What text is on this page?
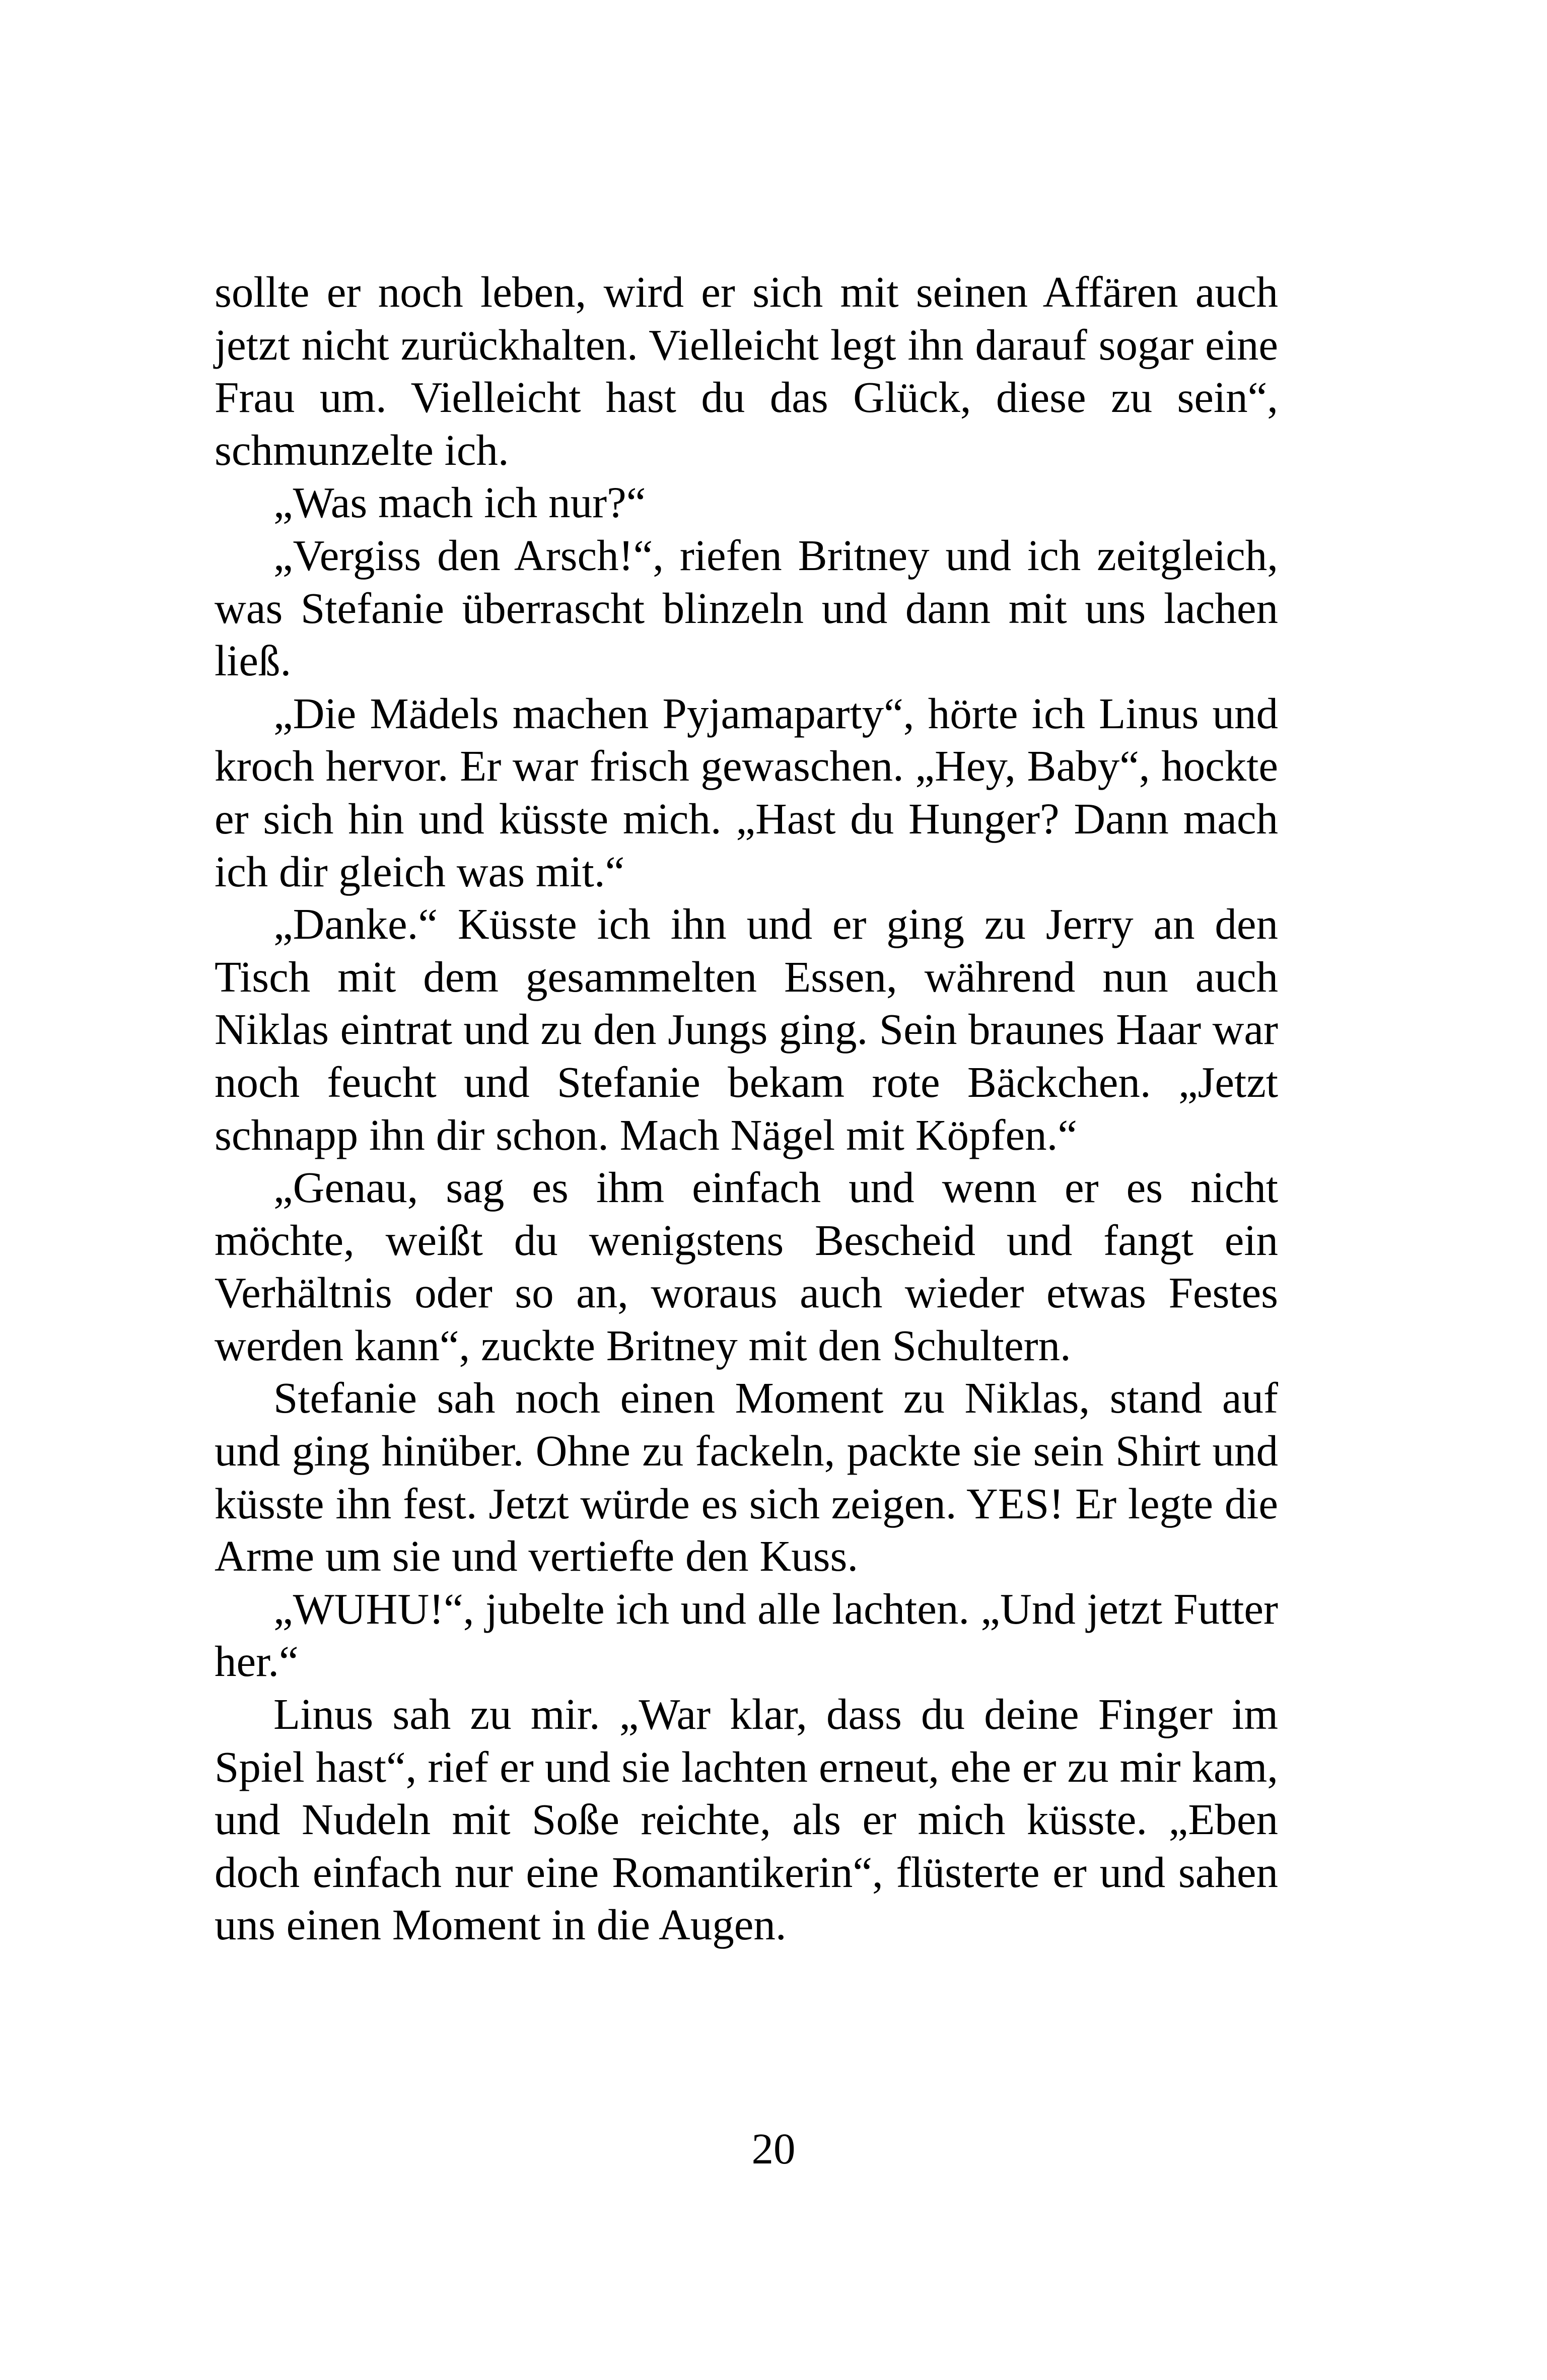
sollte er noch leben, wird er sich mit seinen Affären auch jetzt nicht zurückhalten. Vielleicht legt ihn darauf sogar eine Frau um. Vielleicht hast du das Glück, diese zu sein“, schmunzelte ich.

„Was mach ich nur?“

„Vergiss den Arsch!“, riefen Britney und ich zeitgleich, was Stefanie überrascht blinzeln und dann mit uns lachen ließ.

„Die Mädels machen Pyjamaparty“, hörte ich Linus und kroch hervor. Er war frisch gewaschen. „Hey, Baby“, hockte er sich hin und küsste mich. „Hast du Hunger? Dann mach ich dir gleich was mit.“

„Danke.“ Küsste ich ihn und er ging zu Jerry an den Tisch mit dem gesammelten Essen, während nun auch Niklas eintrat und zu den Jungs ging. Sein braunes Haar war noch feucht und Stefanie bekam rote Bäckchen. „Jetzt schnapp ihn dir schon. Mach Nägel mit Köpfen.“

„Genau, sag es ihm einfach und wenn er es nicht möchte, weißt du wenigstens Bescheid und fangt ein Verhältnis oder so an, woraus auch wieder etwas Festes werden kann“, zuckte Britney mit den Schultern.

Stefanie sah noch einen Moment zu Niklas, stand auf und ging hinüber. Ohne zu fackeln, packte sie sein Shirt und küsste ihn fest. Jetzt würde es sich zeigen. YES! Er legte die Arme um sie und vertiefte den Kuss.

„WUHU!“, jubelte ich und alle lachten. „Und jetzt Futter her.“

Linus sah zu mir. „War klar, dass du deine Finger im Spiel hast“, rief er und sie lachten erneut, ehe er zu mir kam, und Nudeln mit Soße reichte, als er mich küsste. „Eben doch einfach nur eine Romantikerin“, flüsterte er und sahen uns einen Moment in die Augen.

20
